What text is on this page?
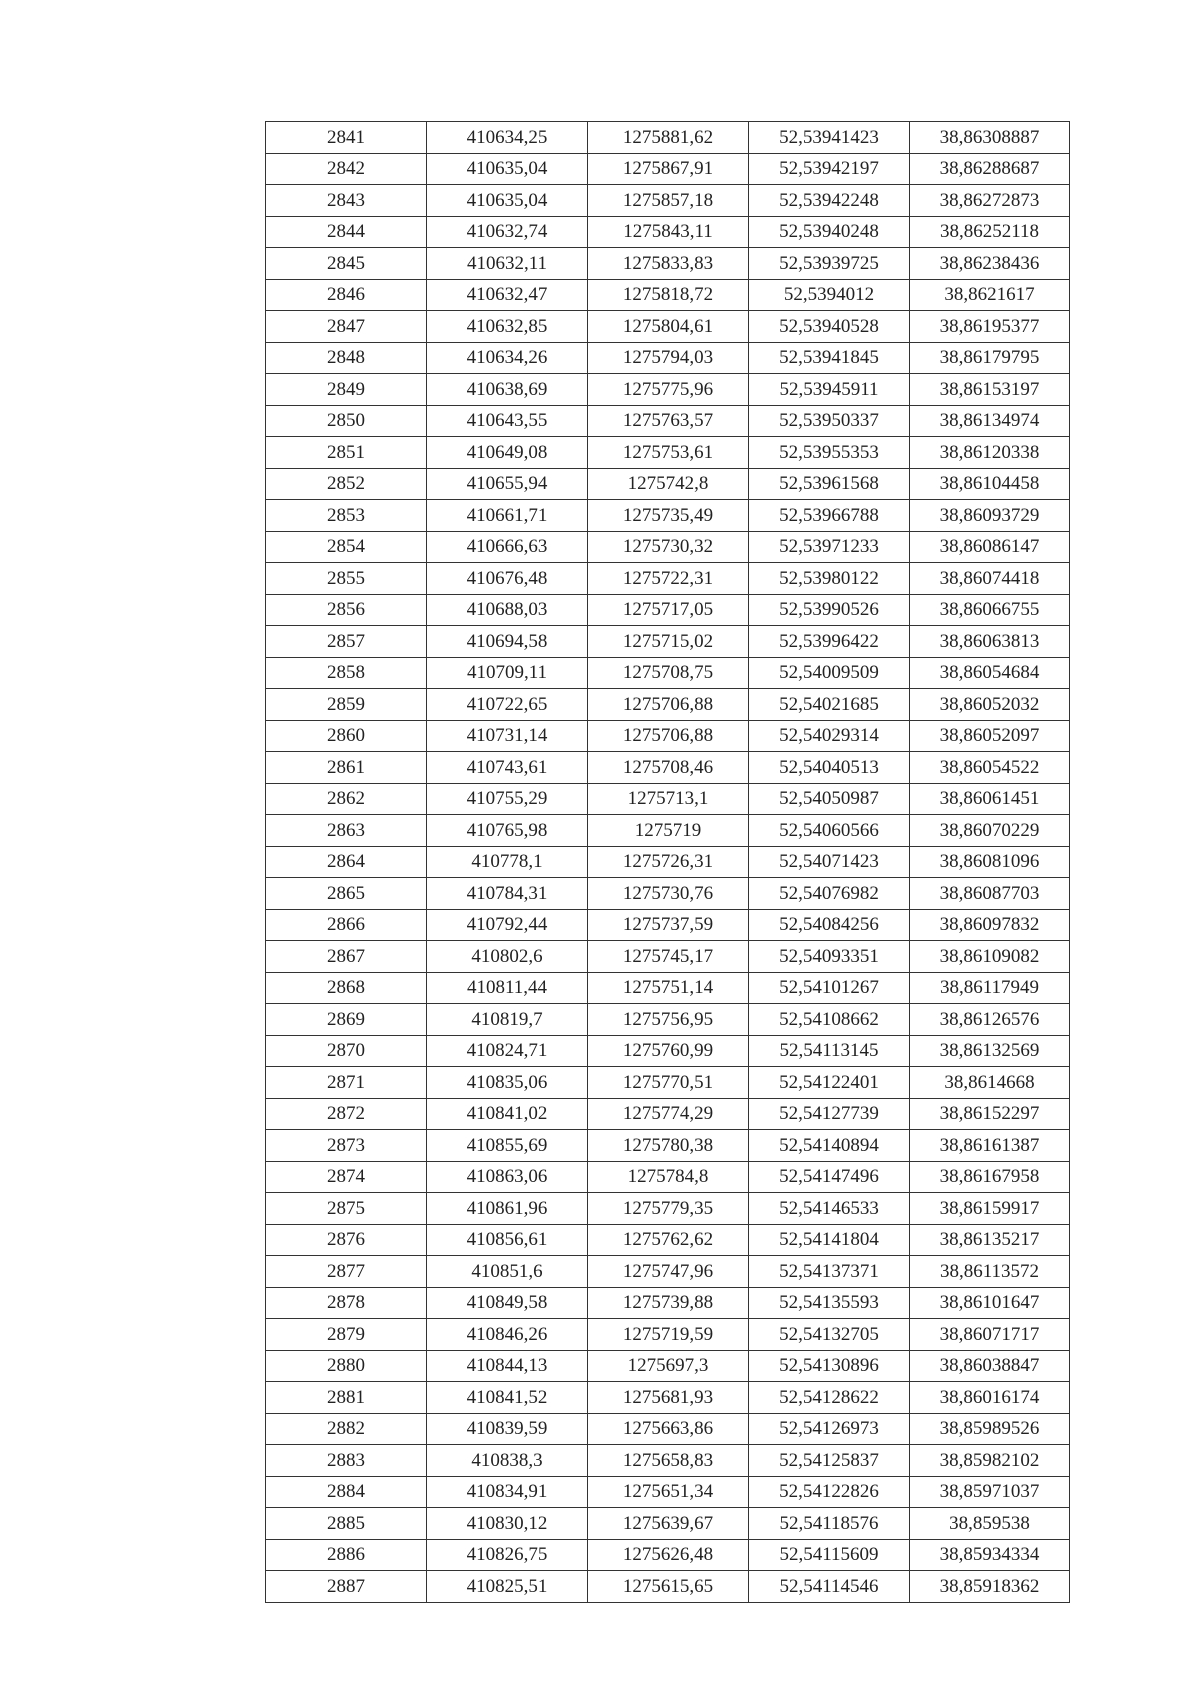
2841	410634,25	1275881,62	52,53941423	38,86308887
2842	410635,04	1275867,91	52,53942197	38,86288687
2843	410635,04	1275857,18	52,53942248	38,86272873
2844	410632,74	1275843,11	52,53940248	38,86252118
2845	410632,11	1275833,83	52,53939725	38,86238436
2846	410632,47	1275818,72	52,5394012	38,8621617
2847	410632,85	1275804,61	52,53940528	38,86195377
2848	410634,26	1275794,03	52,53941845	38,86179795
2849	410638,69	1275775,96	52,53945911	38,86153197
2850	410643,55	1275763,57	52,53950337	38,86134974
2851	410649,08	1275753,61	52,53955353	38,86120338
2852	410655,94	1275742,8	52,53961568	38,86104458
2853	410661,71	1275735,49	52,53966788	38,86093729
2854	410666,63	1275730,32	52,53971233	38,86086147
2855	410676,48	1275722,31	52,53980122	38,86074418
2856	410688,03	1275717,05	52,53990526	38,86066755
2857	410694,58	1275715,02	52,53996422	38,86063813
2858	410709,11	1275708,75	52,54009509	38,86054684
2859	410722,65	1275706,88	52,54021685	38,86052032
2860	410731,14	1275706,88	52,54029314	38,86052097
2861	410743,61	1275708,46	52,54040513	38,86054522
2862	410755,29	1275713,1	52,54050987	38,86061451
2863	410765,98	1275719	52,54060566	38,86070229
2864	410778,1	1275726,31	52,54071423	38,86081096
2865	410784,31	1275730,76	52,54076982	38,86087703
2866	410792,44	1275737,59	52,54084256	38,86097832
2867	410802,6	1275745,17	52,54093351	38,86109082
2868	410811,44	1275751,14	52,54101267	38,86117949
2869	410819,7	1275756,95	52,54108662	38,86126576
2870	410824,71	1275760,99	52,54113145	38,86132569
2871	410835,06	1275770,51	52,54122401	38,8614668
2872	410841,02	1275774,29	52,54127739	38,86152297
2873	410855,69	1275780,38	52,54140894	38,86161387
2874	410863,06	1275784,8	52,54147496	38,86167958
2875	410861,96	1275779,35	52,54146533	38,86159917
2876	410856,61	1275762,62	52,54141804	38,86135217
2877	410851,6	1275747,96	52,54137371	38,86113572
2878	410849,58	1275739,88	52,54135593	38,86101647
2879	410846,26	1275719,59	52,54132705	38,86071717
2880	410844,13	1275697,3	52,54130896	38,86038847
2881	410841,52	1275681,93	52,54128622	38,86016174
2882	410839,59	1275663,86	52,54126973	38,85989526
2883	410838,3	1275658,83	52,54125837	38,85982102
2884	410834,91	1275651,34	52,54122826	38,85971037
2885	410830,12	1275639,67	52,54118576	38,859538
2886	410826,75	1275626,48	52,54115609	38,85934334
2887	410825,51	1275615,65	52,54114546	38,85918362
